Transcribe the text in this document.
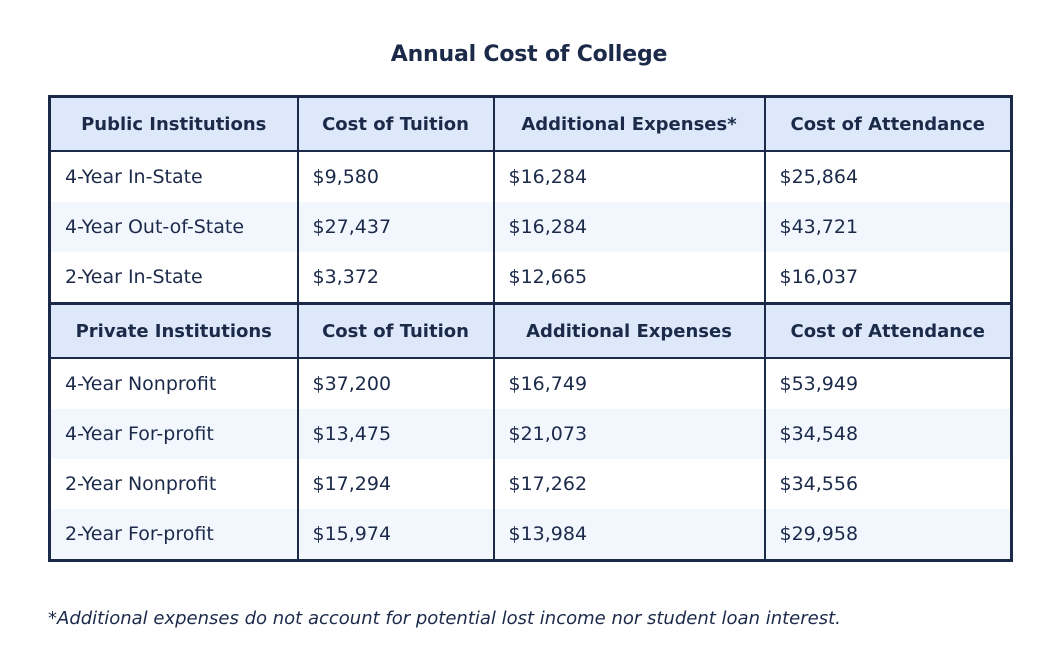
Annual Cost of College
Public Institutions	Cost of Tuition	Additional Expenses*	Cost of Attendance
4-Year In-State	$9,580	$16,284	$25,864
4-Year Out-of-State	$27,437	$16,284	$43,721
2-Year In-State	$3,372	$12,665	$16,037
Private Institutions	Cost of Tuition	Additional Expenses	Cost of Attendance
4-Year Nonprofit	$37,200	$16,749	$53,949
4-Year For-profit	$13,475	$21,073	$34,548
2-Year Nonprofit	$17,294	$17,262	$34,556
2-Year For-profit	$15,974	$13,984	$29,958
*Additional expenses do not account for potential lost income nor student loan interest.
